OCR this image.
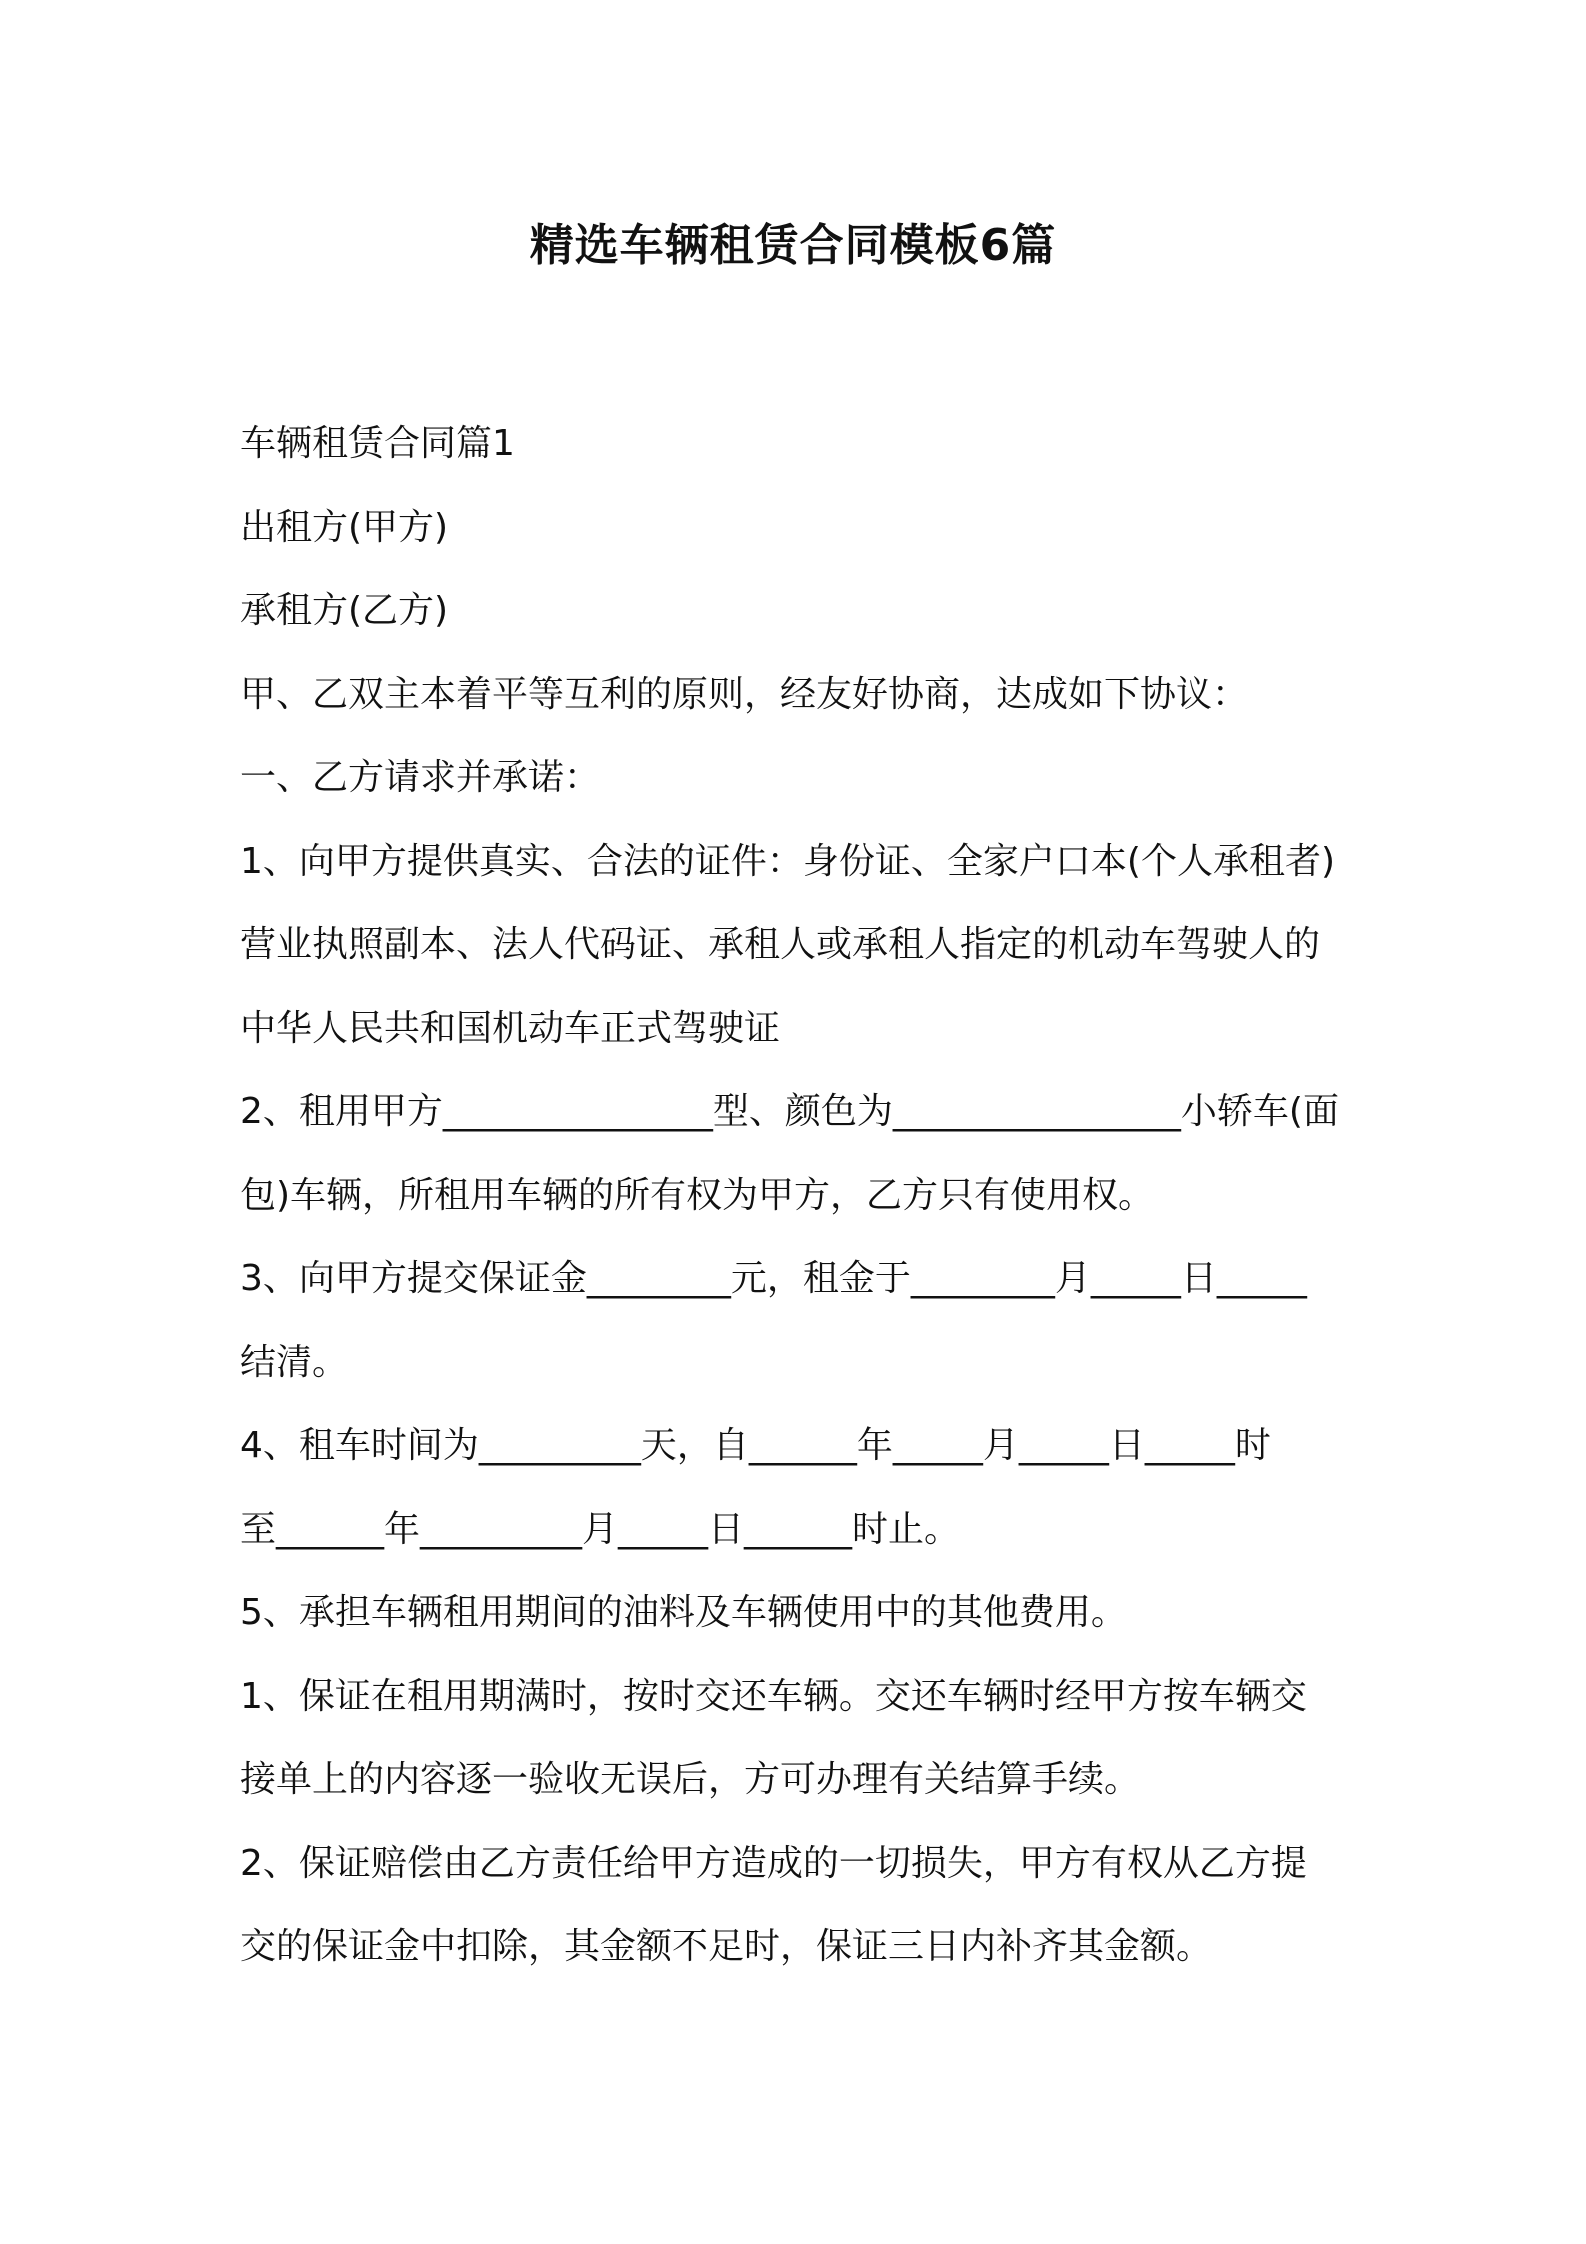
精选车辆租赁合同模板6篇
车辆租赁合同篇1
出租方(甲方)
承租方(乙方)
甲、乙双主本着平等互利的原则，经友好协商，达成如下协议：
一、乙方请求并承诺：
1、向甲方提供真实、合法的证件：身份证、全家户口本(个人承租者)
营业执照副本、法人代码证、承租人或承租人指定的机动车驾驶人的
中华人民共和国机动车正式驾驶证
2、租用甲方_______________型、颜色为________________小轿车(面
包)车辆，所租用车辆的所有权为甲方，乙方只有使用权。
3、向甲方提交保证金________元，租金于________月_____日_____
结清。
4、租车时间为_________天，自______年_____月_____日_____时
至______年_________月_____日______时止。
5、承担车辆租用期间的油料及车辆使用中的其他费用。
1、保证在租用期满时，按时交还车辆。交还车辆时经甲方按车辆交
接单上的内容逐一验收无误后，方可办理有关结算手续。
2、保证赔偿由乙方责任给甲方造成的一切损失，甲方有权从乙方提
交的保证金中扣除，其金额不足时，保证三日内补齐其金额。
